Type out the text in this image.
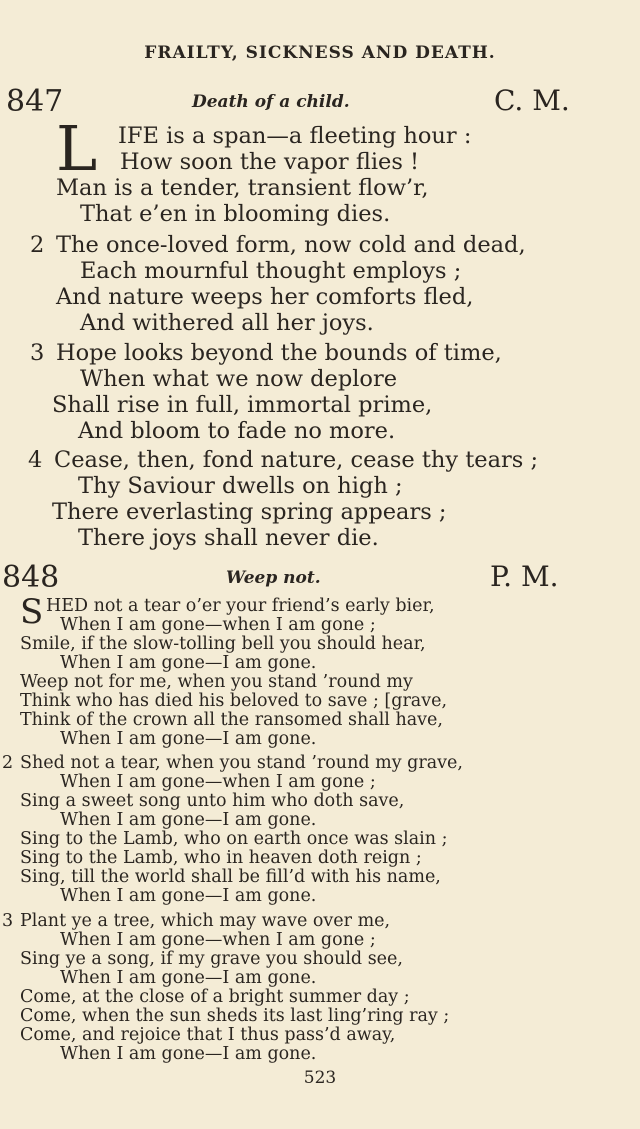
FRAILTY, SICKNESS AND DEATH.
847	Death of a child.	C. M.
L IFE is a span—a fleeting hour :
How soon the vapor flies !
Man is a tender, transient flow’r,
That e’en in blooming dies.
2 The once-loved form, now cold and dead,
Each mournful thought employs ;
And nature weeps her comforts fled,
And withered all her joys.
3 Hope looks beyond the bounds of time,
When what we now deplore
Shall rise in full, immortal prime,
And bloom to fade no more.
4 Cease, then, fond nature, cease thy tears ;
Thy Saviour dwells on high ;
There everlasting spring appears ;
There joys shall never die.
848	Weep not.	P. M.
S HED not a tear o’er your friend’s early bier,
When I am gone—when I am gone ;
Smile, if the slow-tolling bell you should hear,
When I am gone—I am gone.
Weep not for me, when you stand ’round my
Think who has died his beloved to save ; [grave,
Think of the crown all the ransomed shall have,
When I am gone—I am gone.
2 Shed not a tear, when you stand ’round my grave,
When I am gone—when I am gone ;
Sing a sweet song unto him who doth save,
When I am gone—I am gone.
Sing to the Lamb, who on earth once was slain ;
Sing to the Lamb, who in heaven doth reign ;
Sing, till the world shall be fill’d with his name,
When I am gone—I am gone.
3 Plant ye a tree, which may wave over me,
When I am gone—when I am gone ;
Sing ye a song, if my grave you should see,
When I am gone—I am gone.
Come, at the close of a bright summer day ;
Come, when the sun sheds its last ling’ring ray ;
Come, and rejoice that I thus pass’d away,
When I am gone—I am gone.
523
